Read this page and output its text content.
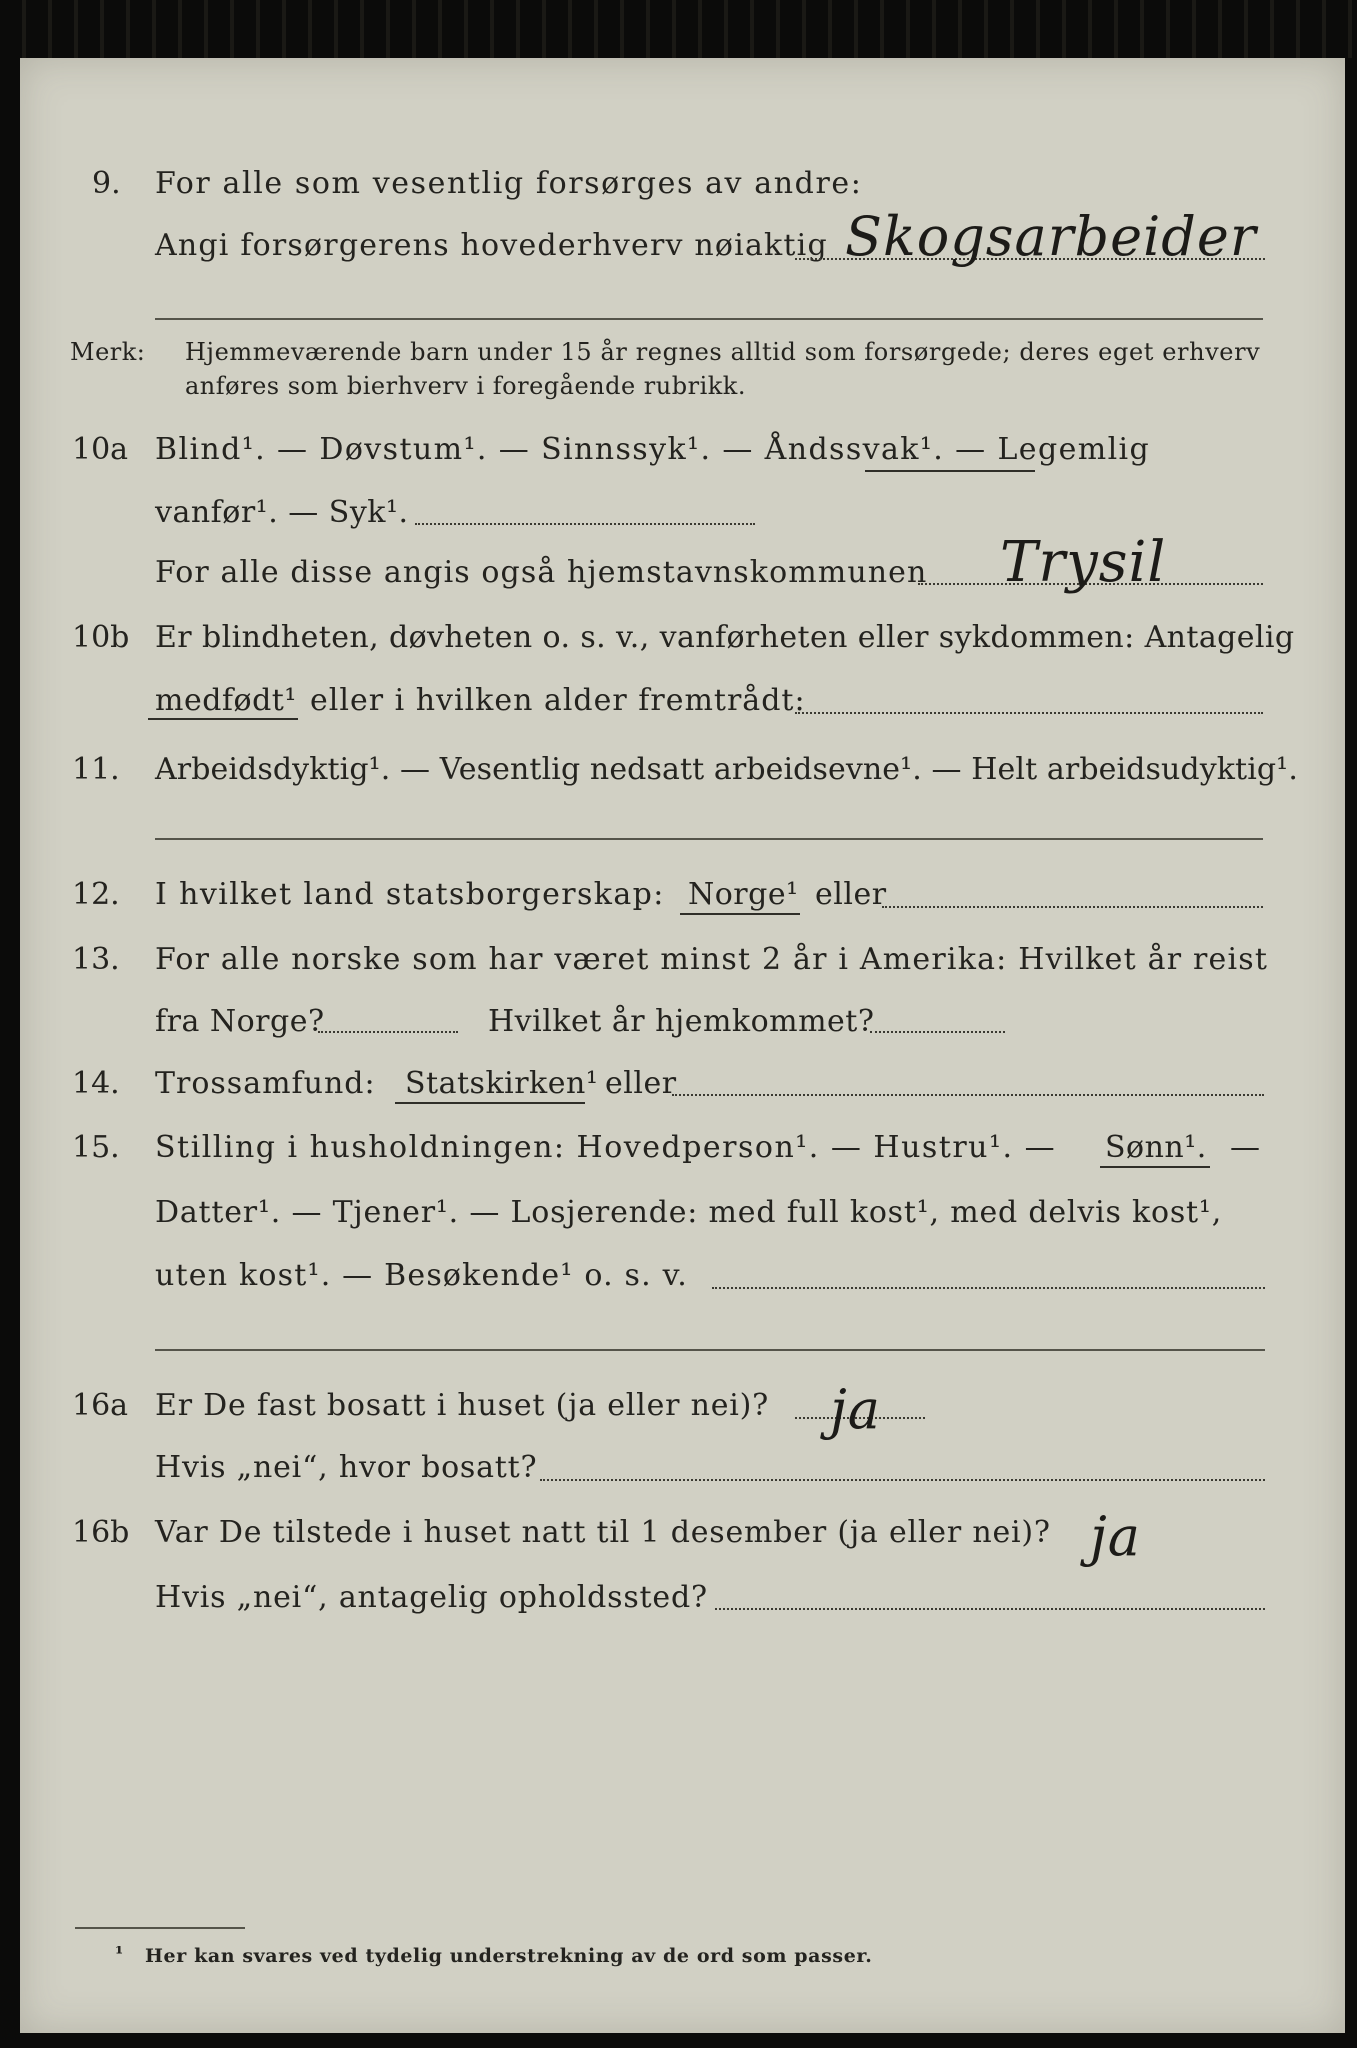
9. For alle som vesentlig forsørges av andre:
Angi forsørgerens hovederhverv nøiaktig Skogsarbeider
Merk: Hjemmeværende barn under 15 år regnes alltid som forsørgede; deres eget erhverv
anføres som bierhverv i foregående rubrikk.
10a Blind¹. — Døvstum¹. — Sinnssyk¹. — Åndssvak¹. — Legemlig
vanfør¹. — Syk¹.
For alle disse angis også hjemstavnskommunen Trysil
10b Er blindheten, døvheten o. s. v., vanførheten eller sykdommen: Antagelig
medfødt¹ eller i hvilken alder fremtrådt:
11. Arbeidsdyktig¹. — Vesentlig nedsatt arbeidsevne¹. — Helt arbeidsudyktig¹.
12. I hvilket land statsborgerskap: Norge¹ eller
13. For alle norske som har været minst 2 år i Amerika: Hvilket år reist
fra Norge?	Hvilket år hjemkommet?
14. Trossamfund: Statskirken¹ eller
15. Stilling i husholdningen: Hovedperson¹. — Hustru¹. — Sønn¹. —
Datter¹. — Tjener¹. — Losjerende: med full kost¹, med delvis kost¹,
uten kost¹. — Besøkende¹ o. s. v.
16a Er De fast bosatt i huset (ja eller nei)? ja
Hvis „nei“, hvor bosatt?
16b Var De tilstede i huset natt til 1 desember (ja eller nei)? ja
Hvis „nei“, antagelig opholdssted?
¹ Her kan svares ved tydelig understrekning av de ord som passer.
